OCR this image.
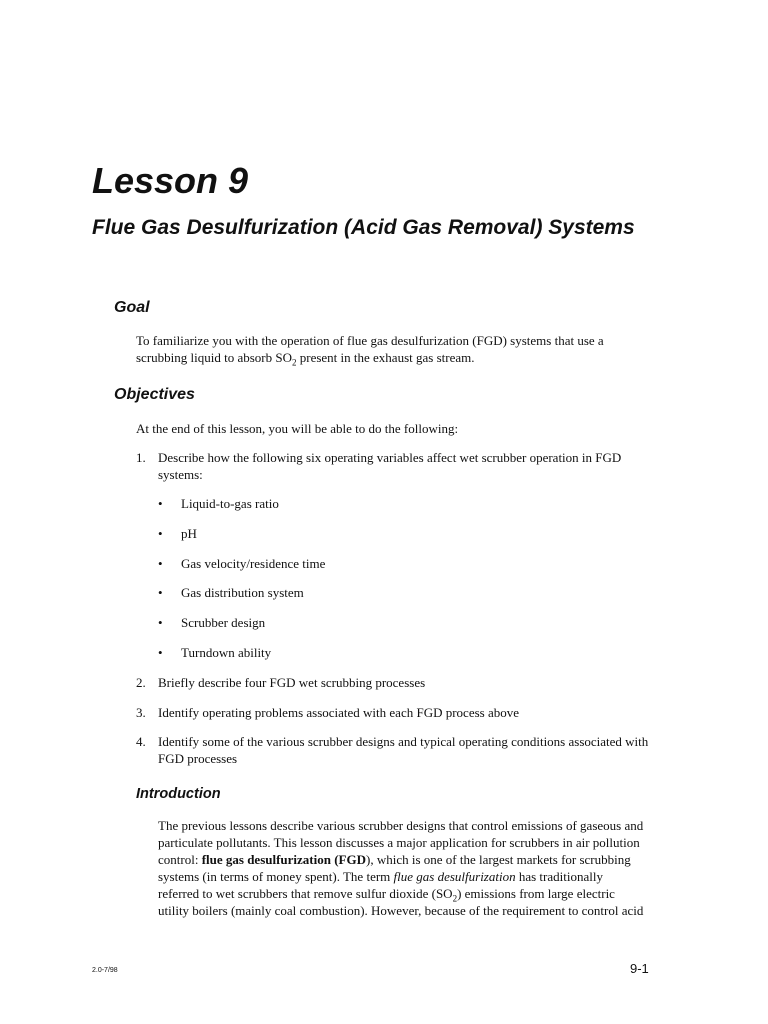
Lesson 9
Flue Gas Desulfurization (Acid Gas Removal) Systems
Goal
To familiarize you with the operation of flue gas desulfurization (FGD) systems that use a
scrubbing liquid to absorb $SO_2$ present in the exhaust gas stream.
Objectives
At the end of this lesson, you will be able to do the following:
1. Describe how the following six operating variables affect wet scrubber operation in FGD systems:
• Liquid-to-gas ratio
• pH
• Gas velocity/residence time
• Gas distribution system
• Scrubber design
• Turndown ability
2. Briefly describe four FGD wet scrubbing processes
3. Identify operating problems associated with each FGD process above
4. Identify some of the various scrubber designs and typical operating conditions associated with FGD processes
Introduction
The previous lessons describe various scrubber designs that control emissions of gaseous and
particulate pollutants. This lesson discusses a major application for scrubbers in air pollution
control: flue gas desulfurization (FGD), which is one of the largest markets for scrubbing
systems (in terms of money spent). The term flue gas desulfurization has traditionally
referred to wet scrubbers that remove sulfur dioxide $(SO_2)$ emissions from large electric
utility boilers (mainly coal combustion). However, because of the requirement to control acid
2.0-7/98	9-1
